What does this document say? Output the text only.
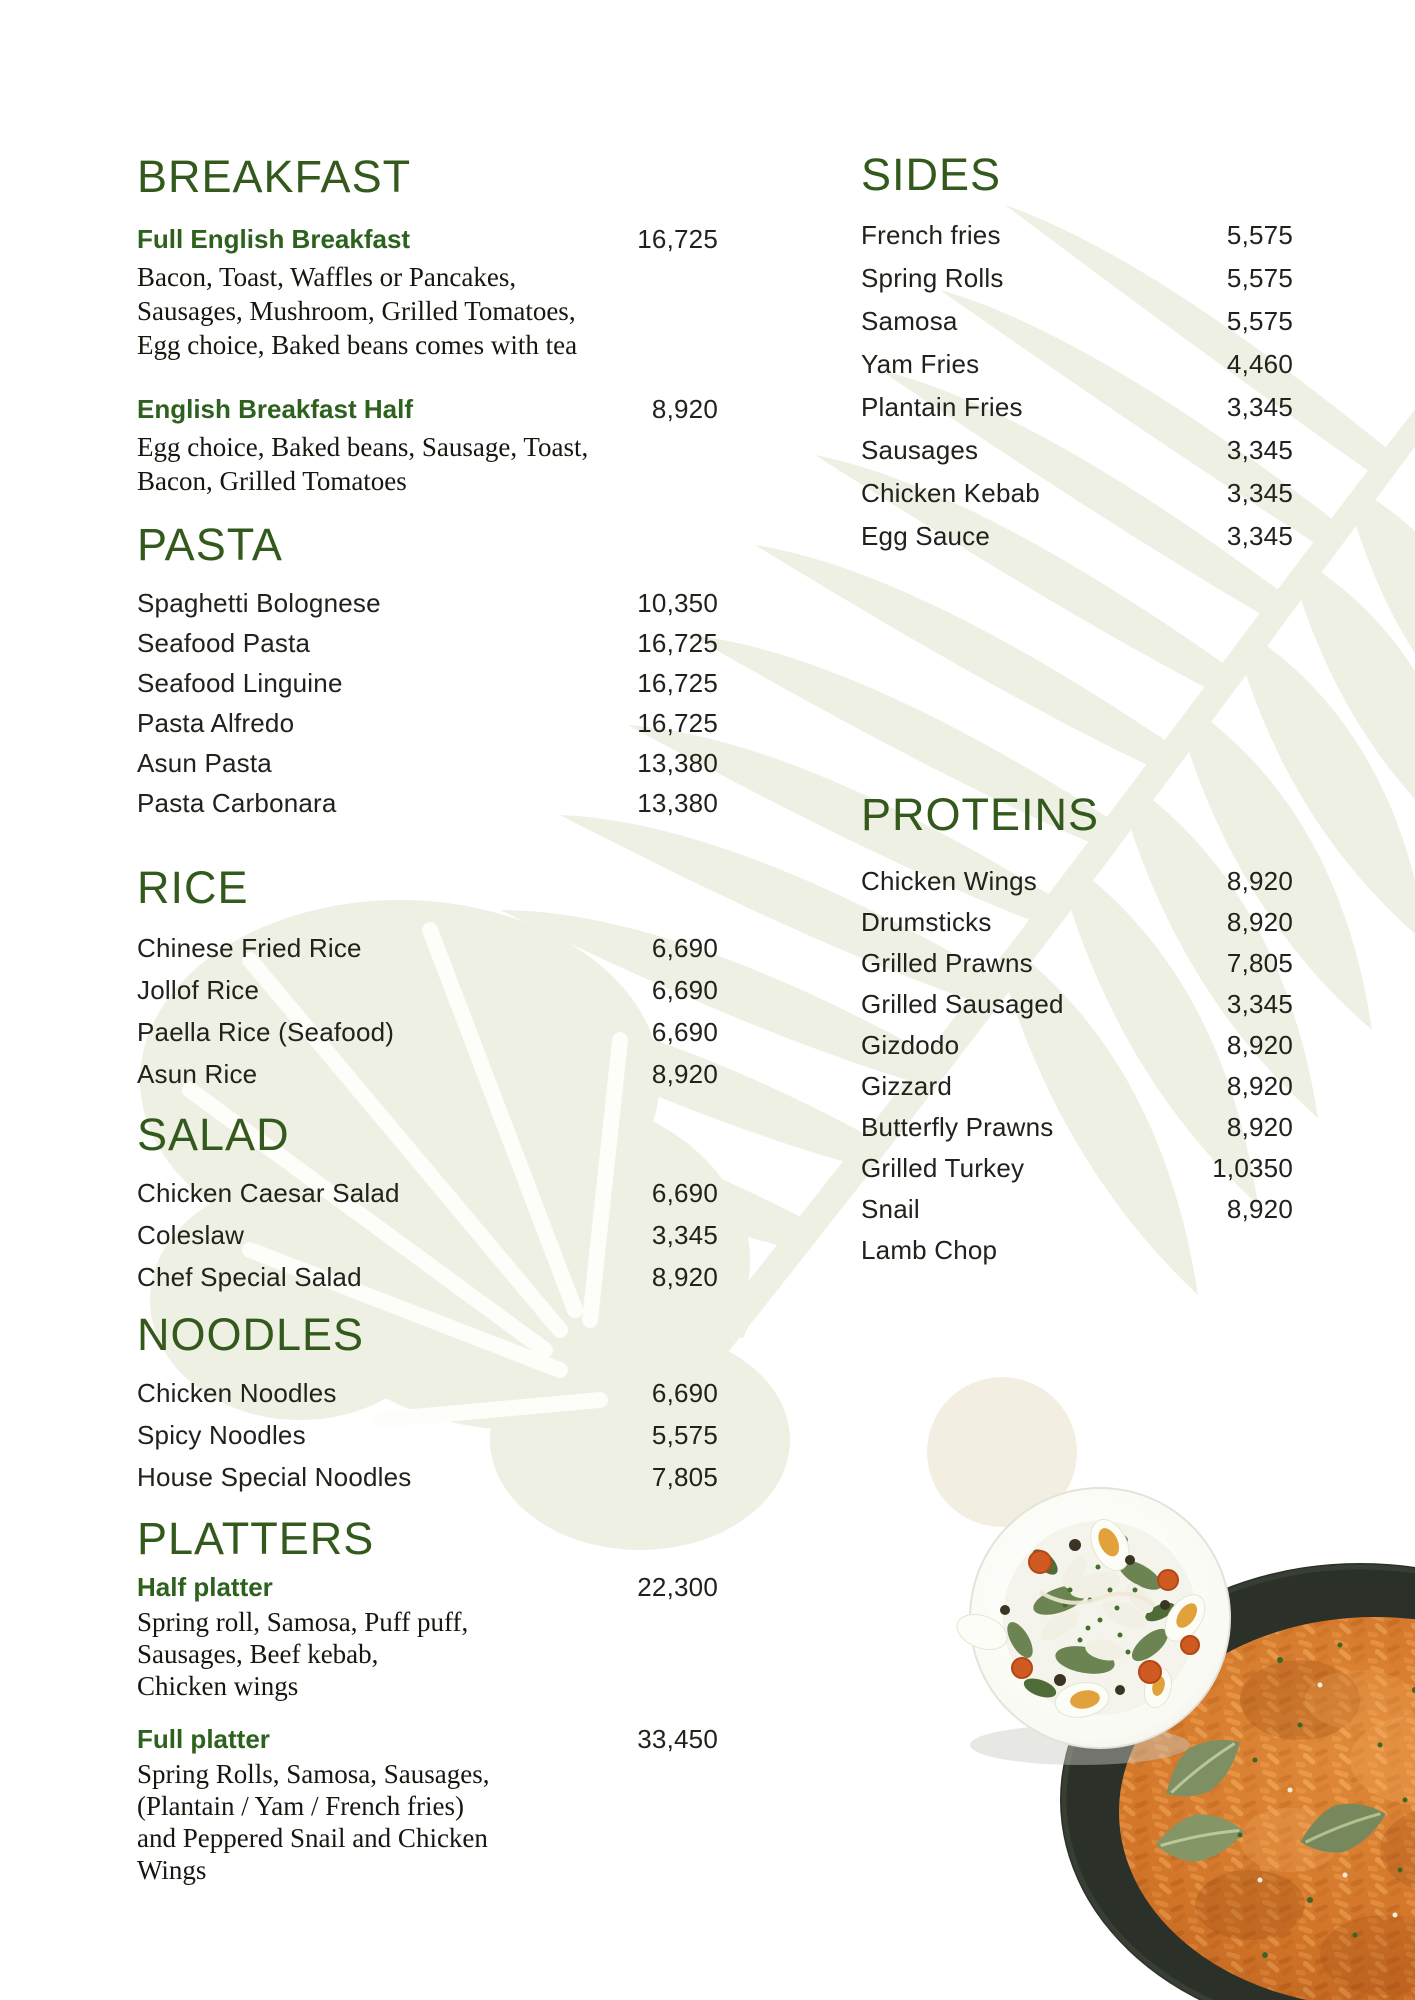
BREAKFAST
Full English Breakfast	16,725
Bacon, Toast, Waffles or Pancakes,
Sausages, Mushroom, Grilled Tomatoes,
Egg choice, Baked beans comes with tea
English Breakfast Half	8,920
Egg choice, Baked beans, Sausage, Toast,
Bacon, Grilled Tomatoes
PASTA
Spaghetti Bolognese	10,350
Seafood Pasta	16,725
Seafood Linguine	16,725
Pasta Alfredo	16,725
Asun Pasta	13,380
Pasta Carbonara	13,380
RICE
Chinese Fried Rice	6,690
Jollof Rice	6,690
Paella Rice (Seafood)	6,690
Asun Rice	8,920
SALAD
Chicken Caesar Salad	6,690
Coleslaw	3,345
Chef Special Salad	8,920
NOODLES
Chicken Noodles	6,690
Spicy Noodles	5,575
House Special Noodles	7,805
PLATTERS
Half platter	22,300
Spring roll, Samosa, Puff puff,
Sausages, Beef kebab,
Chicken wings
Full platter	33,450
Spring Rolls, Samosa, Sausages,
(Plantain / Yam / French fries)
and Peppered Snail and Chicken
Wings
SIDES
French fries	5,575
Spring Rolls	5,575
Samosa	5,575
Yam Fries	4,460
Plantain Fries	3,345
Sausages	3,345
Chicken Kebab	3,345
Egg Sauce	3,345
PROTEINS
Chicken Wings	8,920
Drumsticks	8,920
Grilled Prawns	7,805
Grilled Sausaged	3,345
Gizdodo	8,920
Gizzard	8,920
Butterfly Prawns	8,920
Grilled Turkey	1,0350
Snail	8,920
Lamb Chop
